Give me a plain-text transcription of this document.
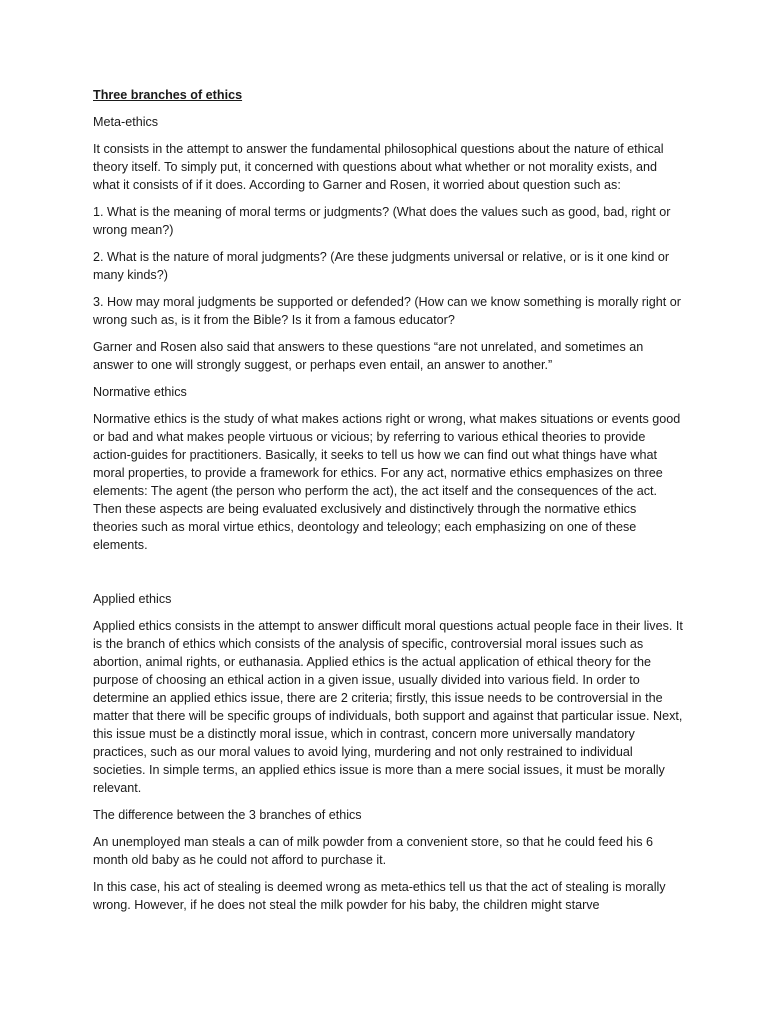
Three branches of ethics

Meta-ethics

It consists in the attempt to answer the fundamental philosophical questions about the nature of ethical theory itself. To simply put, it concerned with questions about what whether or not morality exists, and what it consists of if it does. According to Garner and Rosen, it worried about question such as:

1. What is the meaning of moral terms or judgments? (What does the values such as good, bad, right or wrong mean?)

2. What is the nature of moral judgments? (Are these judgments universal or relative, or is it one kind or many kinds?)

3. How may moral judgments be supported or defended? (How can we know something is morally right or wrong such as, is it from the Bible? Is it from a famous educator?

Garner and Rosen also said that answers to these questions “are not unrelated, and sometimes an answer to one will strongly suggest, or perhaps even entail, an answer to another.”

Normative ethics

Normative ethics is the study of what makes actions right or wrong, what makes situations or events good or bad and what makes people virtuous or vicious; by referring to various ethical theories to provide action-guides for practitioners. Basically, it seeks to tell us how we can find out what things have what moral properties, to provide a framework for ethics. For any act, normative ethics emphasizes on three elements: The agent (the person who perform the act), the act itself and the consequences of the act. Then these aspects are being evaluated exclusively and distinctively through the normative ethics theories such as moral virtue ethics, deontology and teleology; each emphasizing on one of these elements.

Applied ethics

Applied ethics consists in the attempt to answer difficult moral questions actual people face in their lives. It is the branch of ethics which consists of the analysis of specific, controversial moral issues such as abortion, animal rights, or euthanasia. Applied ethics is the actual application of ethical theory for the purpose of choosing an ethical action in a given issue, usually divided into various field. In order to determine an applied ethics issue, there are 2 criteria; firstly, this issue needs to be controversial in the matter that there will be specific groups of individuals, both support and against that particular issue. Next, this issue must be a distinctly moral issue, which in contrast, concern more universally mandatory practices, such as our moral values to avoid lying, murdering and not only restrained to individual societies. In simple terms, an applied ethics issue is more than a mere social issues, it must be morally relevant.

The difference between the 3 branches of ethics

An unemployed man steals a can of milk powder from a convenient store, so that he could feed his 6 month old baby as he could not afford to purchase it.

In this case, his act of stealing is deemed wrong as meta-ethics tell us that the act of stealing is morally wrong. However, if he does not steal the milk powder for his baby, the children might starve
